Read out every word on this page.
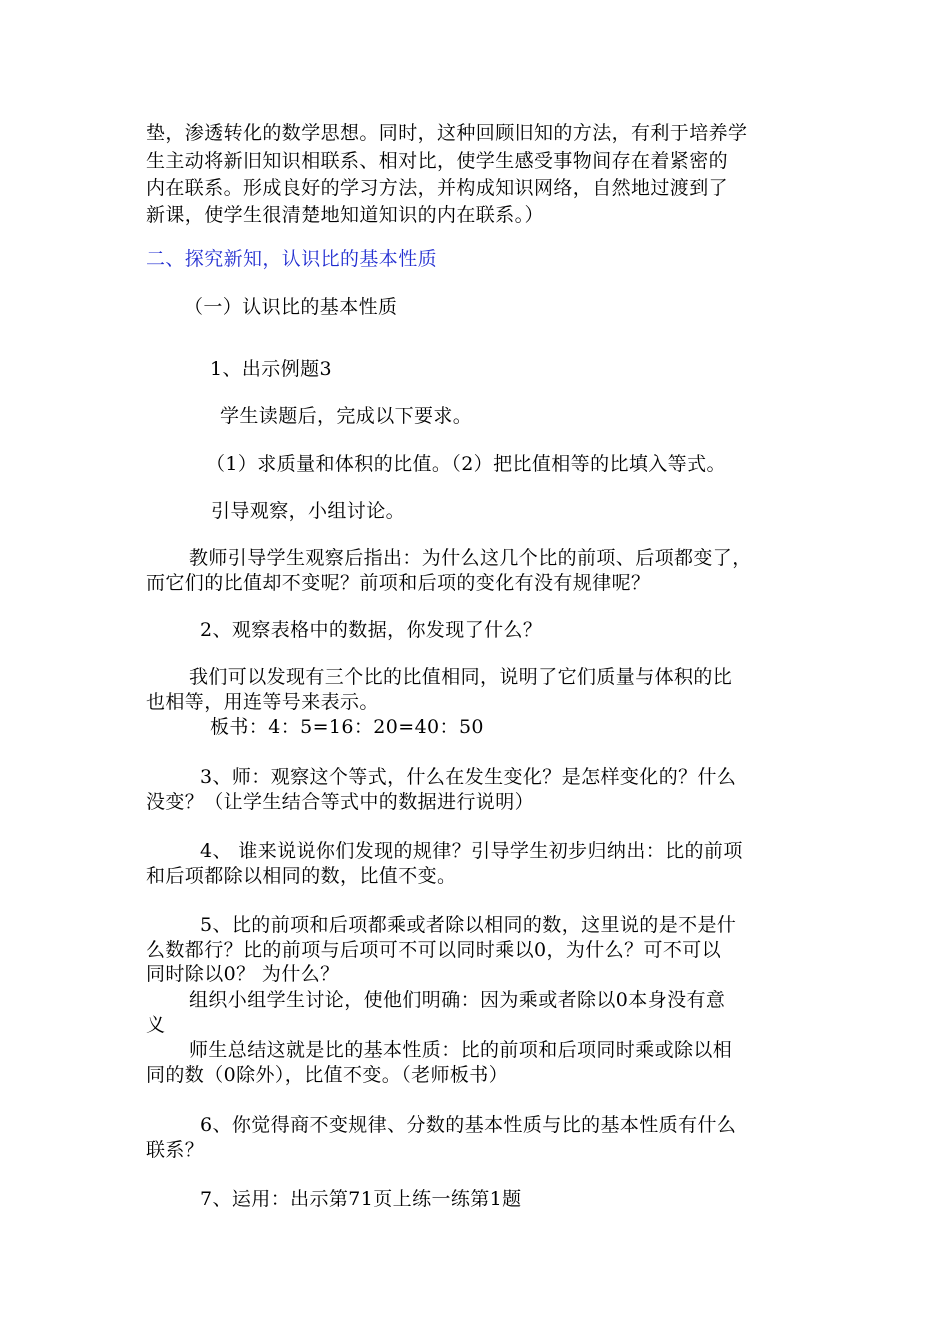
垫，渗透转化的数学思想。同时，这种回顾旧知的方法，有利于培养学
生主动将新旧知识相联系、相对比，使学生感受事物间存在着紧密的
内在联系。形成良好的学习方法，并构成知识网络，自然地过渡到了
新课，使学生很清楚地知道知识的内在联系。）
二、探究新知，认识比的基本性质
（一）认识比的基本性质
1、出示例题3
学生读题后，完成以下要求。
（1）求质量和体积的比值。（2）把比值相等的比填入等式。
引导观察，小组讨论。
教师引导学生观察后指出：为什么这几个比的前项、后项都变了，
而它们的比值却不变呢？前项和后项的变化有没有规律呢？
2、观察表格中的数据，你发现了什么？
我们可以发现有三个比的比值相同，说明了它们质量与体积的比
也相等，用连等号来表示。
板书：4：5=16：20=40：50
3、师：观察这个等式，什么在发生变化？是怎样变化的？什么
没变？（让学生结合等式中的数据进行说明）
4、 谁来说说你们发现的规律？引导学生初步归纳出：比的前项
和后项都除以相同的数，比值不变。
5、比的前项和后项都乘或者除以相同的数，这里说的是不是什
么数都行？比的前项与后项可不可以同时乘以0，为什么？可不可以
同时除以0？ 为什么？
组织小组学生讨论，使他们明确：因为乘或者除以0本身没有意
义
师生总结这就是比的基本性质：比的前项和后项同时乘或除以相
同的数（0除外），比值不变。（老师板书）
6、你觉得商不变规律、分数的基本性质与比的基本性质有什么
联系？
7、运用：出示第71页上练一练第1题
